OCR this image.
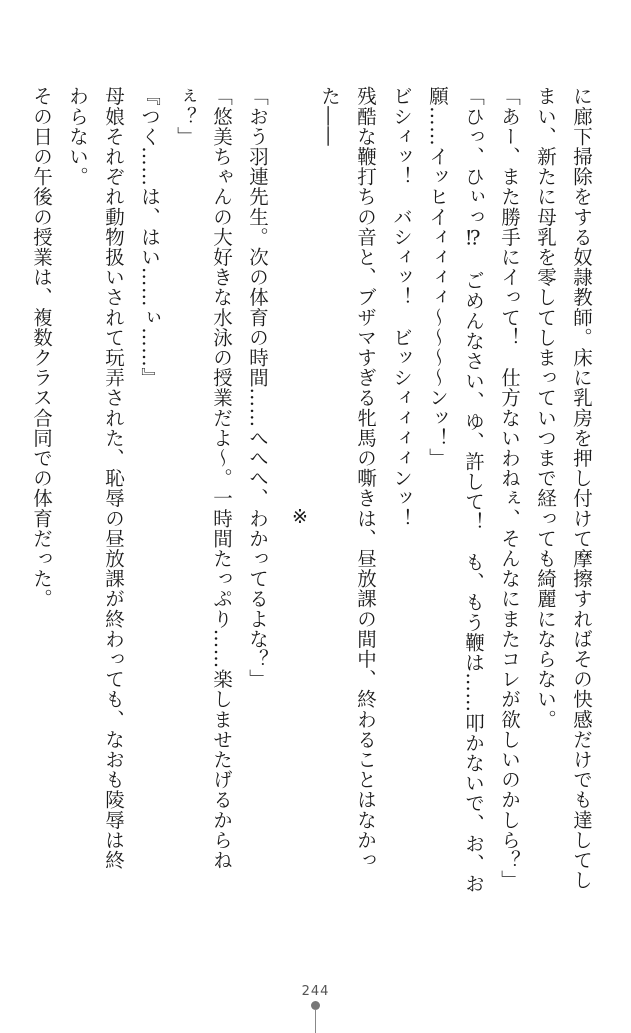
に廊下掃除をする奴隷教師。床に乳房を押し付けて摩擦すればその快感だけでも達してし
まい、新たに母乳を零してしまっていつまで経っても綺麗にならない。
「あー、また勝手にイって！　仕方ないわねぇ、そんなにまたコレが欲しいのかしら？」
「ひっ、ひぃっ⁉　ごめんなさい、ゆ、許して！　も、もう鞭は……叩かないで、お、お
願……イッヒイィィィィ〜〜〜〜ンッ！」
ビシィッ！　バシィッ！　ビッシィィィィンッ！
残酷な鞭打ちの音と、ブザマすぎる牝馬の嘶きは、昼放課の間中、終わることはなかっ
た――
「おう羽連先生。次の体育の時間……へへへ、わかってるよな？」
「悠美ちゃんの大好きな水泳の授業だよ〜。一時間たっぷり……楽しませたげるからね
ぇ？」
『つく……は、はい……ぃ……』
母娘それぞれ動物扱いされて玩弄された、恥辱の昼放課が終わっても、なおも陵辱は終
わらない。
その日の午後の授業は、複数クラス合同での体育だった。	※
244
